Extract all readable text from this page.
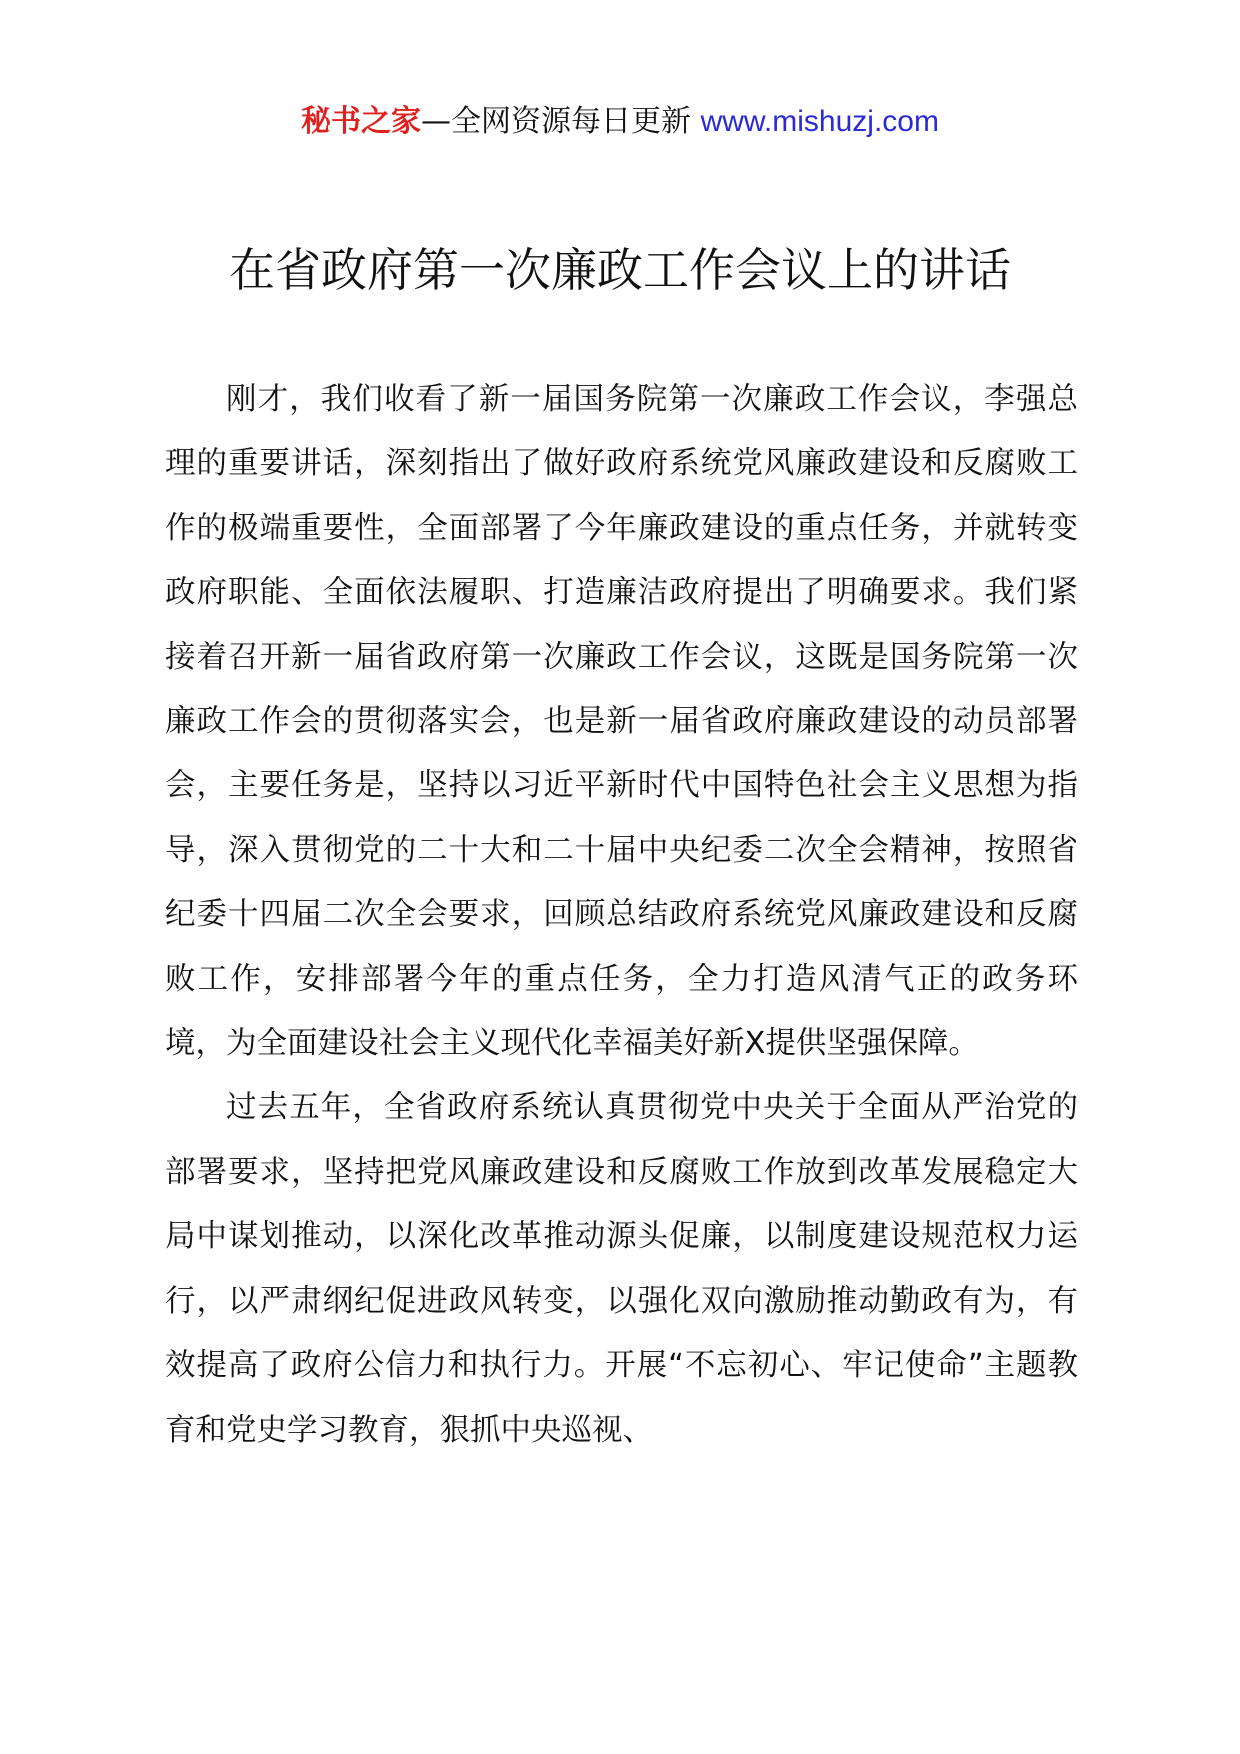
秘书之家—全网资源每日更新 www.mishuzj.com
在省政府第一次廉政工作会议上的讲话

刚才，我们收看了新一届国务院第一次廉政工作会议，李强总理的重要讲话，深刻指出了做好政府系统党风廉政建设和反腐败工作的极端重要性，全面部署了今年廉政建设的重点任务，并就转变政府职能、全面依法履职、打造廉洁政府提出了明确要求。我们紧接着召开新一届省政府第一次廉政工作会议，这既是国务院第一次廉政工作会的贯彻落实会，也是新一届省政府廉政建设的动员部署会，主要任务是，坚持以习近平新时代中国特色社会主义思想为指导，深入贯彻党的二十大和二十届中央纪委二次全会精神，按照省纪委十四届二次全会要求，回顾总结政府系统党风廉政建设和反腐败工作，安排部署今年的重点任务，全力打造风清气正的政务环境，为全面建设社会主义现代化幸福美好新X提供坚强保障。

过去五年，全省政府系统认真贯彻党中央关于全面从严治党的部署要求，坚持把党风廉政建设和反腐败工作放到改革发展稳定大局中谋划推动，以深化改革推动源头促廉，以制度建设规范权力运行，以严肃纲纪促进政风转变，以强化双向激励推动勤政有为，有效提高了政府公信力和执行力。开展“不忘初心、牢记使命”主题教育和党史学习教育，狠抓中央巡视、
